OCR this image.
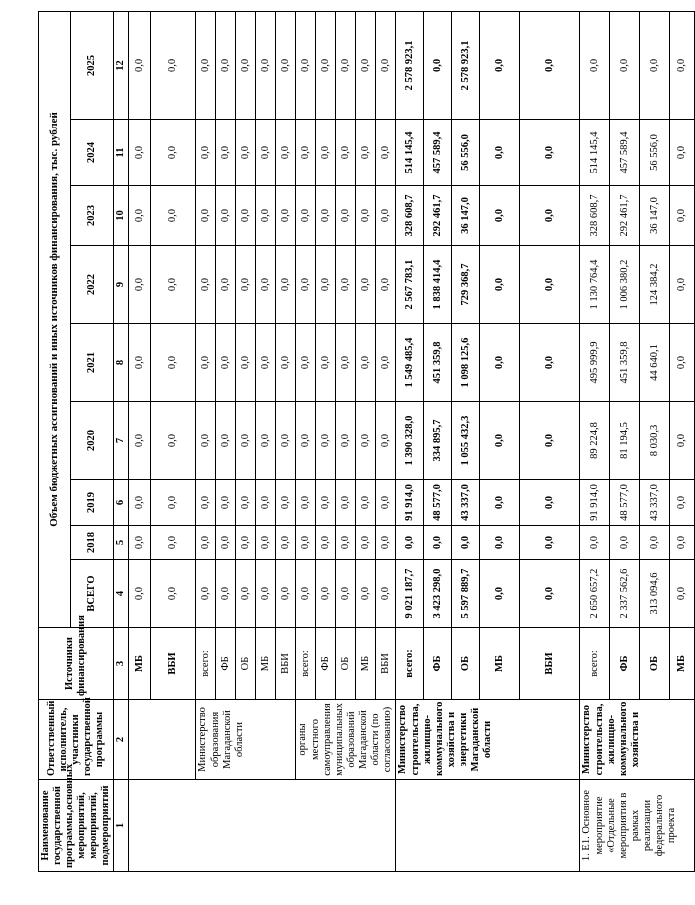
Наименование государственной программы,основных мероприятий, мероприятий, подмероприятий	Ответственный исполнитель, участники государственной программы	Источники финансирования	Объем бюджетных ассигнований и иных источников финансирования, тыс. рублей								
			ВСЕГО	2018	2019	2020	2021	2022	2023	2024	2025
1	2	3	4	5	6	7	8	9	10	11	12
		МБ	0,0	0,0	0,0	0,0	0,0	0,0	0,0	0,0	0,0
		ВБИ	0,0	0,0	0,0	0,0	0,0	0,0	0,0	0,0	0,0
	Министерство образования Магаданской области	всего:	0,0	0,0	0,0	0,0	0,0	0,0	0,0	0,0	0,0
		ФБ	0,0	0,0	0,0	0,0	0,0	0,0	0,0	0,0	0,0
		ОБ	0,0	0,0	0,0	0,0	0,0	0,0	0,0	0,0	0,0
		МБ	0,0	0,0	0,0	0,0	0,0	0,0	0,0	0,0	0,0
		ВБИ	0,0	0,0	0,0	0,0	0,0	0,0	0,0	0,0	0,0
	органы местного самоуправления муниципальных образований Магаданской области (по согласованию)	всего:	0,0	0,0	0,0	0,0	0,0	0,0	0,0	0,0	0,0
		ФБ	0,0	0,0	0,0	0,0	0,0	0,0	0,0	0,0	0,0
		ОБ	0,0	0,0	0,0	0,0	0,0	0,0	0,0	0,0	0,0
		МБ	0,0	0,0	0,0	0,0	0,0	0,0	0,0	0,0	0,0
		ВБИ	0,0	0,0	0,0	0,0	0,0	0,0	0,0	0,0	0,0
	Министерство строительства, жилищно-коммунального хозяйства и энергетики Магаданской области	всего:	9 021 187,7	0,0	91 914,0	1 390 328,0	1 549 485,4	2 567 783,1	328 608,7	514 145,4	2 578 923,1
		ФБ	3 423 298,0	0,0	48 577,0	334 895,7	451 359,8	1 838 414,4	292 461,7	457 589,4	0,0
		ОБ	5 597 889,7	0,0	43 337,0	1 055 432,3	1 098 125,6	729 368,7	36 147,0	56 556,0	2 578 923,1
		МБ	0,0	0,0	0,0	0,0	0,0	0,0	0,0	0,0	0,0
		ВБИ	0,0	0,0	0,0	0,0	0,0	0,0	0,0	0,0	0,0
1. Е1. Основное мероприятие «Отдельные мероприятия в рамках реализации федерального проекта	Министерство строительства, жилищно-коммунального хозяйства и	всего:	2 650 657,2	0,0	91 914,0	89 224,8	495 999,9	1 130 764,4	328 608,7	514 145,4	0,0
		ФБ	2 337 562,6	0,0	48 577,0	81 194,5	451 359,8	1 006 380,2	292 461,7	457 589,4	0,0
		ОБ	313 094,6	0,0	43 337,0	8 030,3	44 640,1	124 384,2	36 147,0	56 556,0	0,0
		МБ	0,0	0,0	0,0	0,0	0,0	0,0	0,0	0,0	0,0
